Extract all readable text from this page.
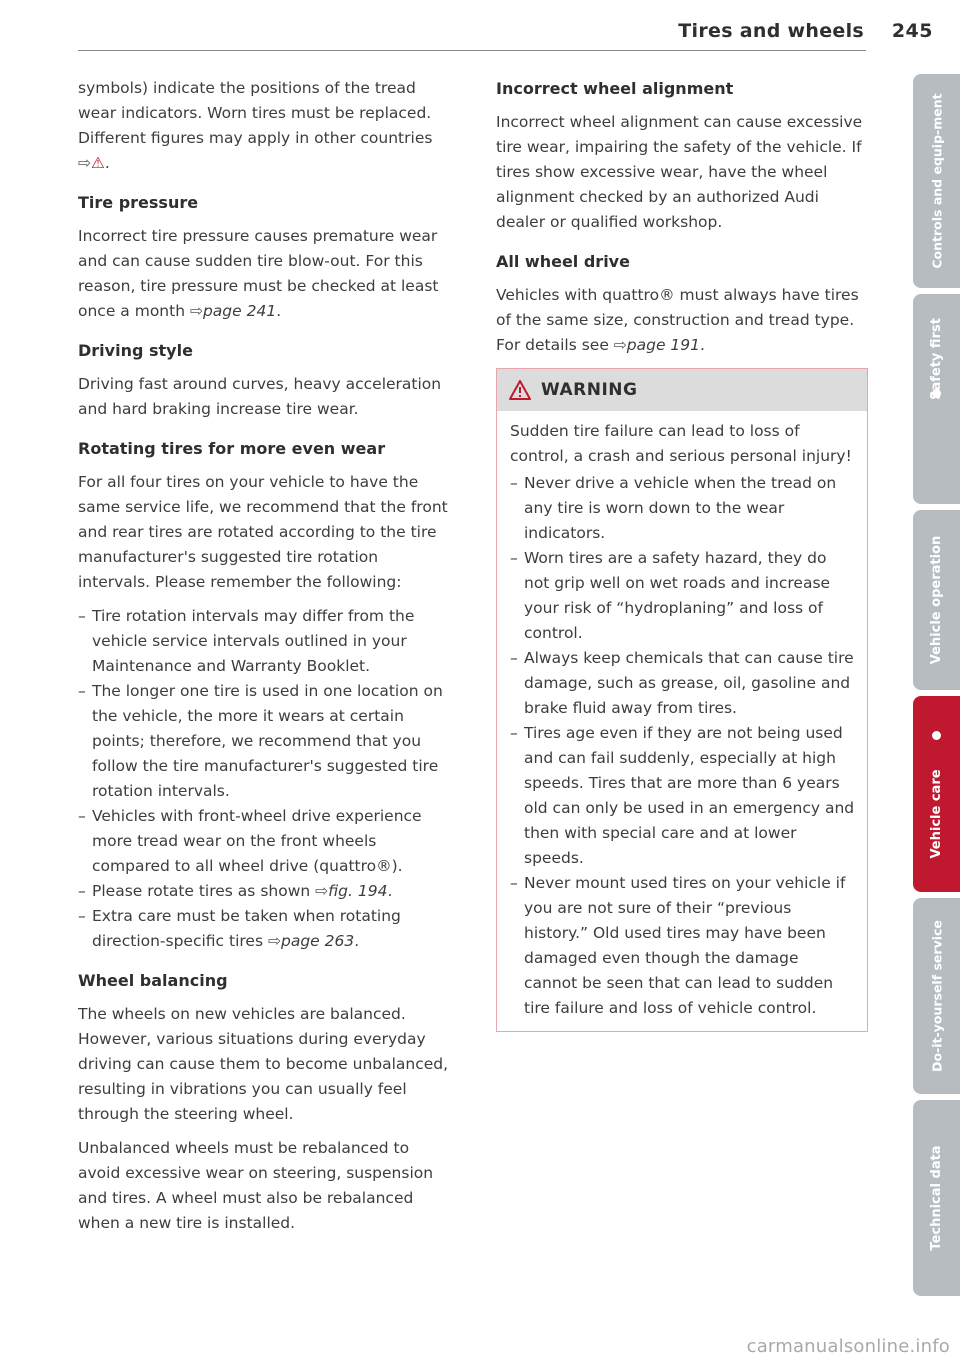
Tires and wheels 245

symbols) indicate the positions of the tread wear indicators. Worn tires must be replaced. Different figures may apply in other countries ⇨⚠.

Tire pressure

Incorrect tire pressure causes premature wear and can cause sudden tire blow-out. For this reason, tire pressure must be checked at least once a month ⇨page 241.

Driving style

Driving fast around curves, heavy acceleration and hard braking increase tire wear.

Rotating tires for more even wear

For all four tires on your vehicle to have the same service life, we recommend that the front and rear tires are rotated according to the tire manufacturer's suggested tire rotation intervals. Please remember the following:

– Tire rotation intervals may differ from the vehicle service intervals outlined in your Maintenance and Warranty Booklet.
– The longer one tire is used in one location on the vehicle, the more it wears at certain points; therefore, we recommend that you follow the tire manufacturer's suggested tire rotation intervals.
– Vehicles with front-wheel drive experience more tread wear on the front wheels compared to all wheel drive (quattro®).
– Please rotate tires as shown ⇨fig. 194.
– Extra care must be taken when rotating direction-specific tires ⇨page 263.
Wheel balancing

The wheels on new vehicles are balanced. However, various situations during everyday driving can cause them to become unbalanced, resulting in vibrations you can usually feel through the steering wheel.

Unbalanced wheels must be rebalanced to avoid excessive wear on steering, suspension and tires. A wheel must also be rebalanced when a new tire is installed.

Incorrect wheel alignment

Incorrect wheel alignment can cause excessive tire wear, impairing the safety of the vehicle. If tires show excessive wear, have the wheel alignment checked by an authorized Audi dealer or qualified workshop.

All wheel drive

Vehicles with quattro® must always have tires of the same size, construction and tread type. For details see ⇨page 191.

WARNING

Sudden tire failure can lead to loss of control, a crash and serious personal injury!

– Never drive a vehicle when the tread on any tire is worn down to the wear indicators.
– Worn tires are a safety hazard, they do not grip well on wet roads and increase your risk of “hydroplaning” and loss of control.
– Always keep chemicals that can cause tire damage, such as grease, oil, gasoline and brake fluid away from tires.
– Tires age even if they are not being used and can fail suddenly, especially at high speeds. Tires that are more than 6 years old can only be used in an emergency and then with special care and at lower speeds.
– Never mount used tires on your vehicle if you are not sure of their “previous history.” Old used tires may have been damaged even though the damage cannot be seen that can lead to sudden tire failure and loss of vehicle control.
Controls and equip-ment
Safety first
Vehicle operation
Vehicle care
Do-it-yourself service
Technical data
carmanualsonline.info
